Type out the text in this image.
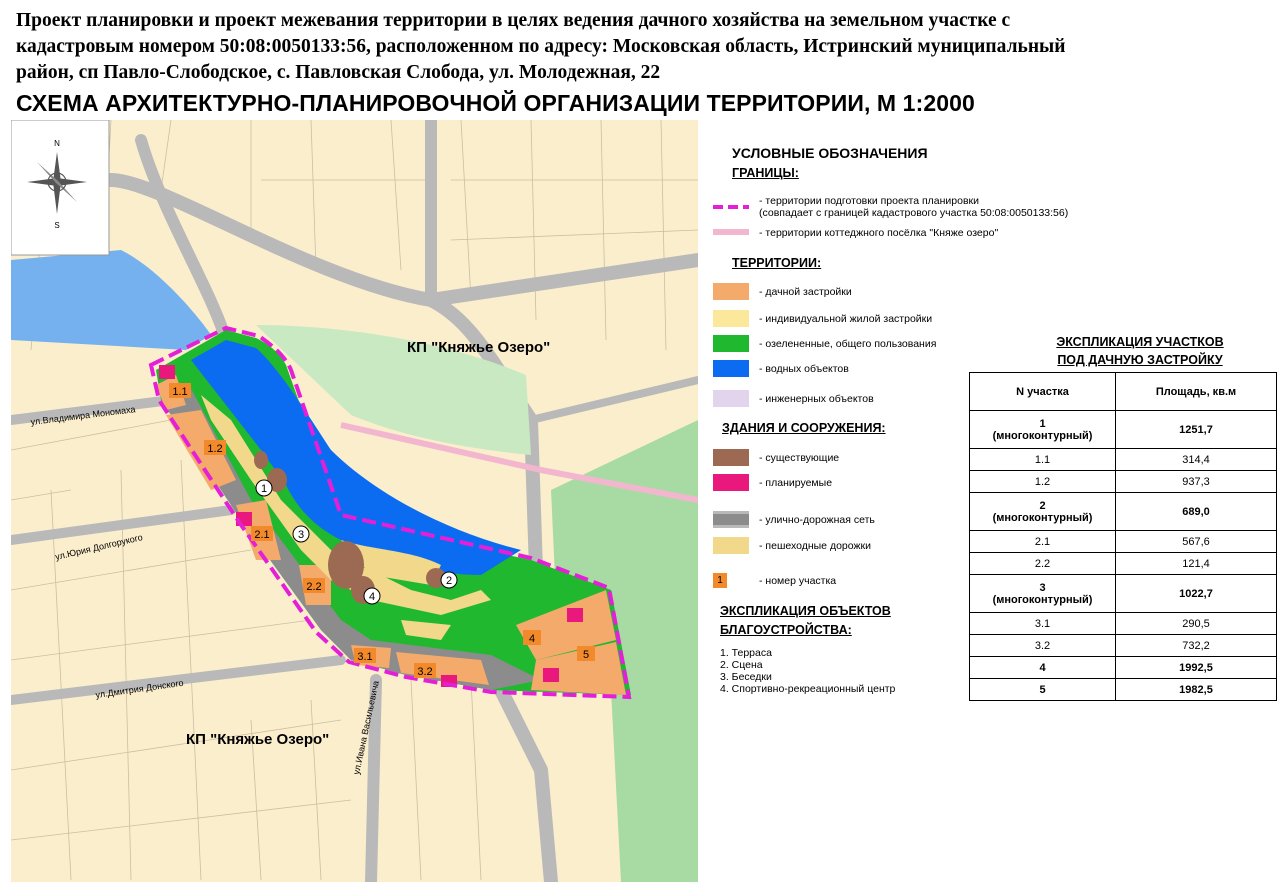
Проект планировки и проект межевания территории в целях ведения дачного хозяйства на земельном участке с
кадастровым номером 50:08:0050133:56, расположенном по адресу: Московская область, Истринский муниципальный
район, сп Павло-Слободское, с. Павловская Слобода, ул. Молодежная, 22
СХЕМА АРХИТЕКТУРНО-ПЛАНИРОВОЧНОЙ ОРГАНИЗАЦИИ ТЕРРИТОРИИ, М 1:2000
1.1
1.2
2.1
2.2
3.1
3.2
4
5
1
2
3
4
КП "Княжье Озеро"
КП "Княжье Озеро"
ул.Владимира Мономаха
ул.Юрия Долгорукого
ул.Дмитрия Донского	ул.Ивана Васильевича
N
S
УСЛОВНЫЕ ОБОЗНАЧЕНИЯ
ГРАНИЦЫ:
- территории подготовки проекта планировки
(совпадает с границей кадастрового участка 50:08:0050133:56)
- территории коттеджного посёлка "Княже озеро"
ТЕРРИТОРИИ:
- дачной застройки
- индивидуальной жилой застройки
- озелененные, общего пользования
- водных объектов
- инженерных объектов
ЗДАНИЯ И СООРУЖЕНИЯ:
- существующие
- планируемые
- улично-дорожная сеть
- пешеходные дорожки
1	- номер участка
ЭКСПЛИКАЦИЯ ОБЪЕКТОВ
БЛАГОУСТРОЙСТВА:
1. Терраса
2. Сцена
3. Беседки
4. Спортивно-рекреационный центр
ЭКСПЛИКАЦИЯ УЧАСТКОВ
ПОД ДАЧНУЮ ЗАСТРОЙКУ
N участка	Площадь, кв.м

1
(многоконтурный)	1251,7
1.1	314,4
1.2	937,3

2
(многоконтурный)	689,0
2.1	567,6
2.2	121,4

3
(многоконтурный)	1022,7
3.1	290,5
3.2	732,2
4	1992,5
5	1982,5
